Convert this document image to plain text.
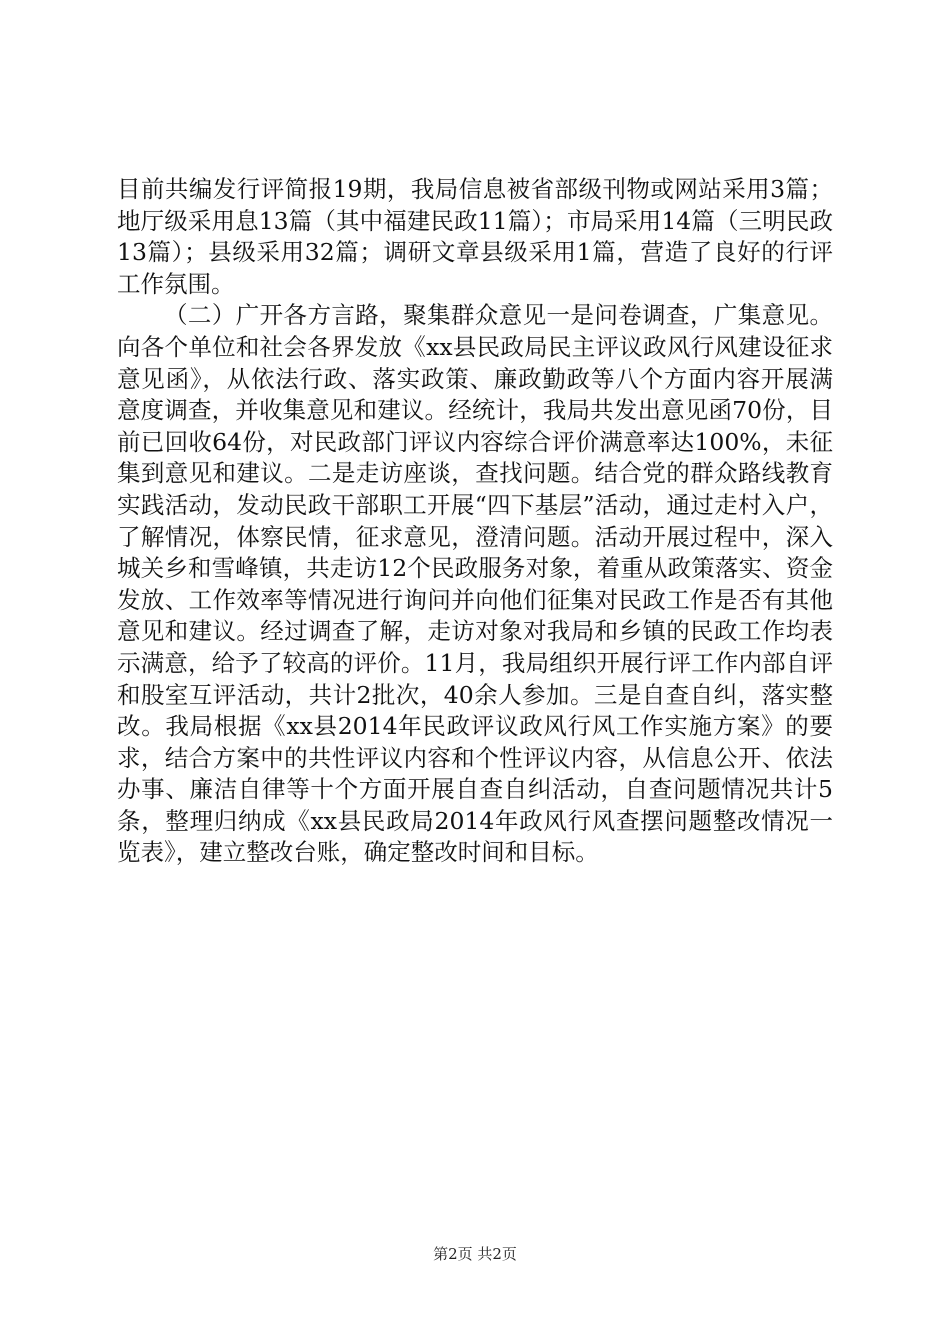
目前共编发行评简报19期，我局信息被省部级刊物或网站采用3篇；地厅级采用息13篇（其中福建民政11篇）；市局采用14篇（三明民政13篇）；县级采用32篇；调研文章县级采用1篇，营造了良好的行评工作氛围。

（二）广开各方言路，聚集群众意见一是问卷调查，广集意见。向各个单位和社会各界发放《xx县民政局民主评议政风行风建设征求意见函》，从依法行政、落实政策、廉政勤政等八个方面内容开展满意度调查，并收集意见和建议。经统计，我局共发出意见函70份，目前已回收64份，对民政部门评议内容综合评价满意率达100%，未征集到意见和建议。二是走访座谈，查找问题。结合党的群众路线教育实践活动，发动民政干部职工开展“四下基层”活动，通过走村入户，了解情况，体察民情，征求意见，澄清问题。活动开展过程中，深入城关乡和雪峰镇，共走访12个民政服务对象，着重从政策落实、资金发放、工作效率等情况进行询问并向他们征集对民政工作是否有其他意见和建议。经过调查了解，走访对象对我局和乡镇的民政工作均表示满意，给予了较高的评价。11月，我局组织开展行评工作内部自评和股室互评活动，共计2批次，40余人参加。三是自查自纠，落实整改。我局根据《xx县2014年民政评议政风行风工作实施方案》的要求，结合方案中的共性评议内容和个性评议内容，从信息公开、依法办事、廉洁自律等十个方面开展自查自纠活动，自查问题情况共计5条，整理归纳成《xx县民政局2014年政风行风查摆问题整改情况一览表》，建立整改台账，确定整改时间和目标。

第2页 共2页
